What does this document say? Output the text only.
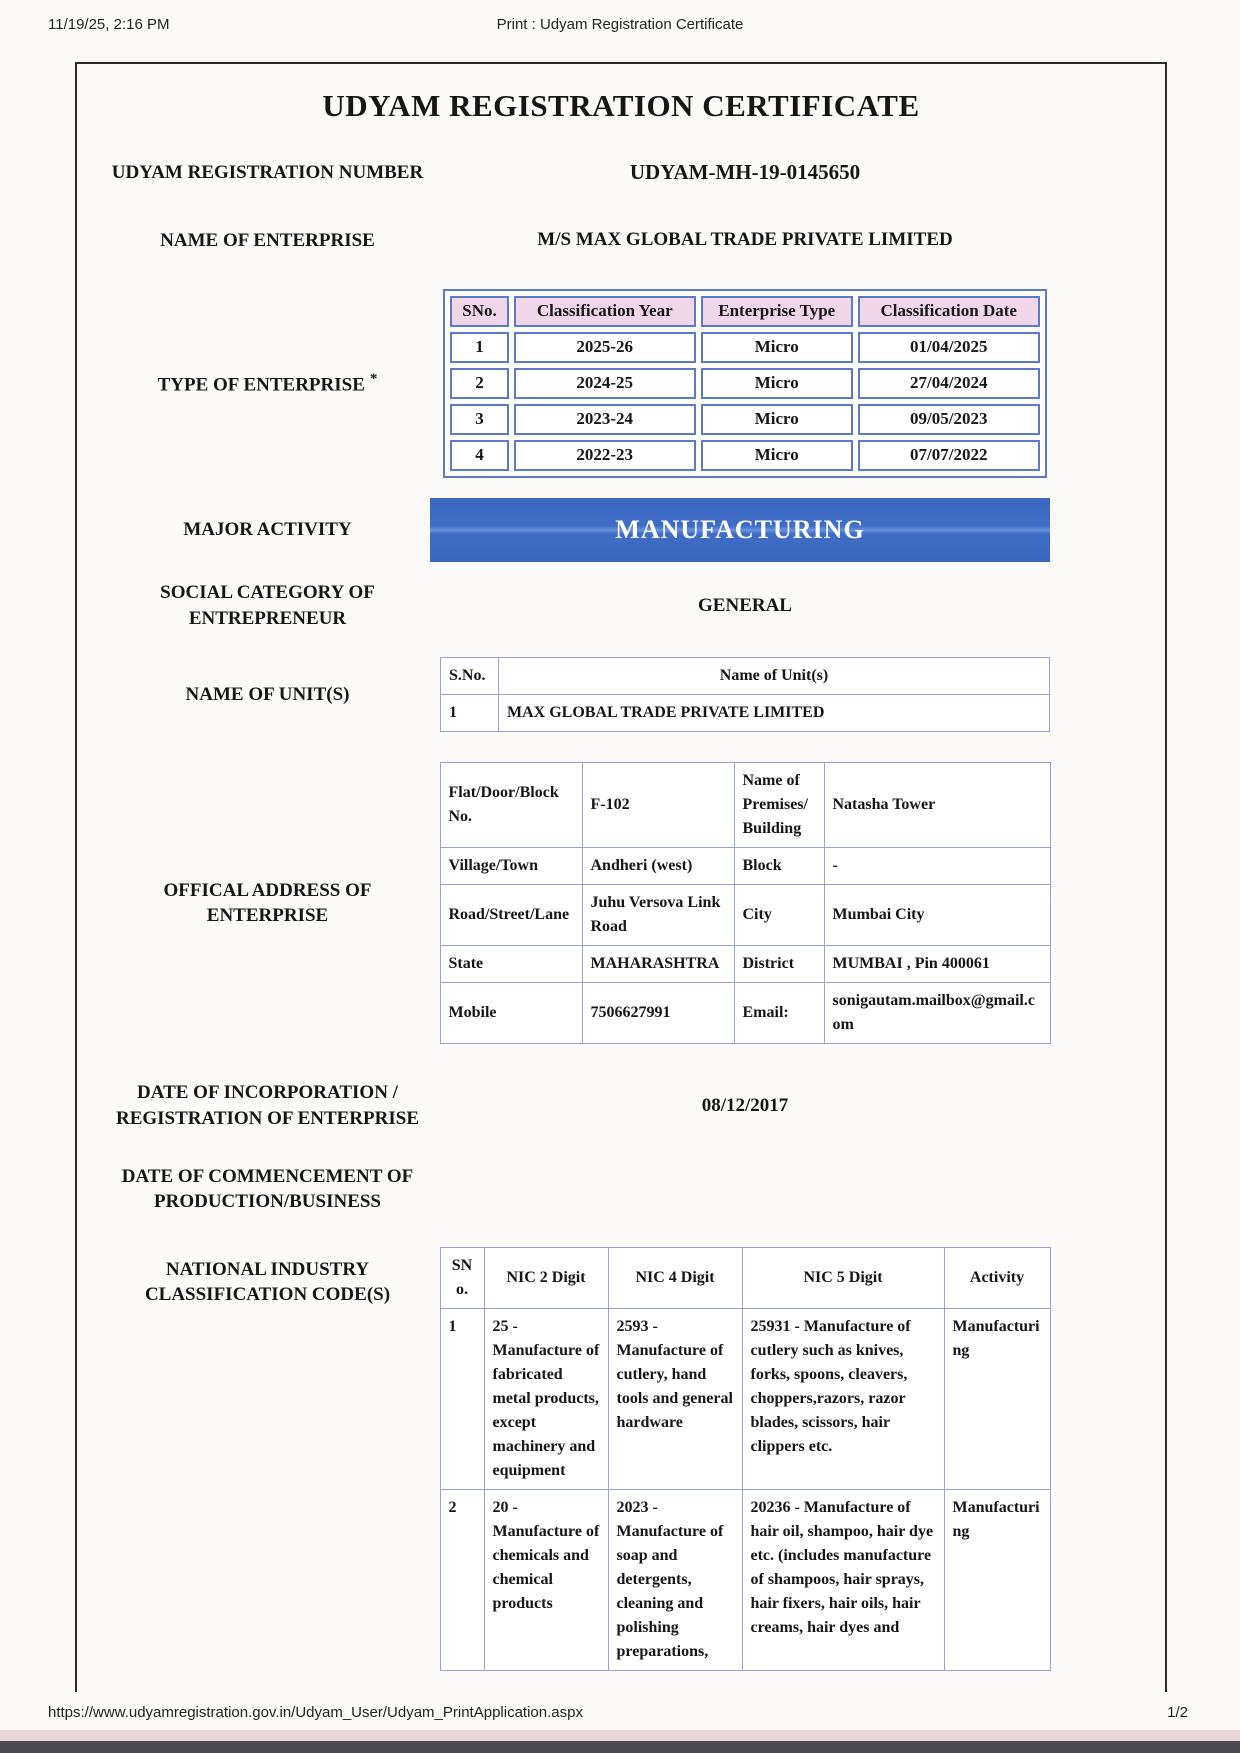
11/19/25, 2:16 PM	Print : Udyam Registration Certificate
UDYAM REGISTRATION CERTIFICATE
UDYAM REGISTRATION NUMBER	UDYAM-MH-19-0145650
NAME OF ENTERPRISE	M/S MAX GLOBAL TRADE PRIVATE LIMITED
TYPE OF ENTERPRISE *
SNo.	Classification Year	Enterprise Type	Classification Date
1	2025-26	Micro	01/04/2025
2	2024-25	Micro	27/04/2024
3	2023-24	Micro	09/05/2023
4	2022-23	Micro	07/07/2022
MAJOR ACTIVITY	MANUFACTURING
SOCIAL CATEGORY OF ENTREPRENEUR
GENERAL
NAME OF UNIT(S)
S.No.	Name of Unit(s)
1	MAX GLOBAL TRADE PRIVATE LIMITED
OFFICAL ADDRESS OF ENTERPRISE
Flat/Door/Block No.	F-102	Name of Premises/ Building	Natasha Tower
Village/Town	Andheri (west)	Block	-
Road/Street/Lane	Juhu Versova Link Road	City	Mumbai City
State	MAHARASHTRA	District	MUMBAI , Pin 400061
Mobile	7506627991	Email:	sonigautam.mailbox@gmail.com
DATE OF INCORPORATION / REGISTRATION OF ENTERPRISE
08/12/2017
DATE OF COMMENCEMENT OF PRODUCTION/BUSINESS
NATIONAL INDUSTRY CLASSIFICATION CODE(S)
SNo.	NIC 2 Digit	NIC 4 Digit	NIC 5 Digit	Activity
1	25 - Manufacture of fabricated metal products, except machinery and equipment	2593 - Manufacture of cutlery, hand tools and general hardware	25931 - Manufacture of cutlery such as knives, forks, spoons, cleavers, choppers,razors, razor blades, scissors, hair clippers etc.	Manufacturing
2	20 - Manufacture of chemicals and chemical products	2023 - Manufacture of soap and detergents, cleaning and polishing preparations,	20236 - Manufacture of hair oil, shampoo, hair dye etc. (includes manufacture of shampoos, hair sprays, hair fixers, hair oils, hair creams, hair dyes and	Manufacturing
https://www.udyamregistration.gov.in/Udyam_User/Udyam_PrintApplication.aspx	1/2
